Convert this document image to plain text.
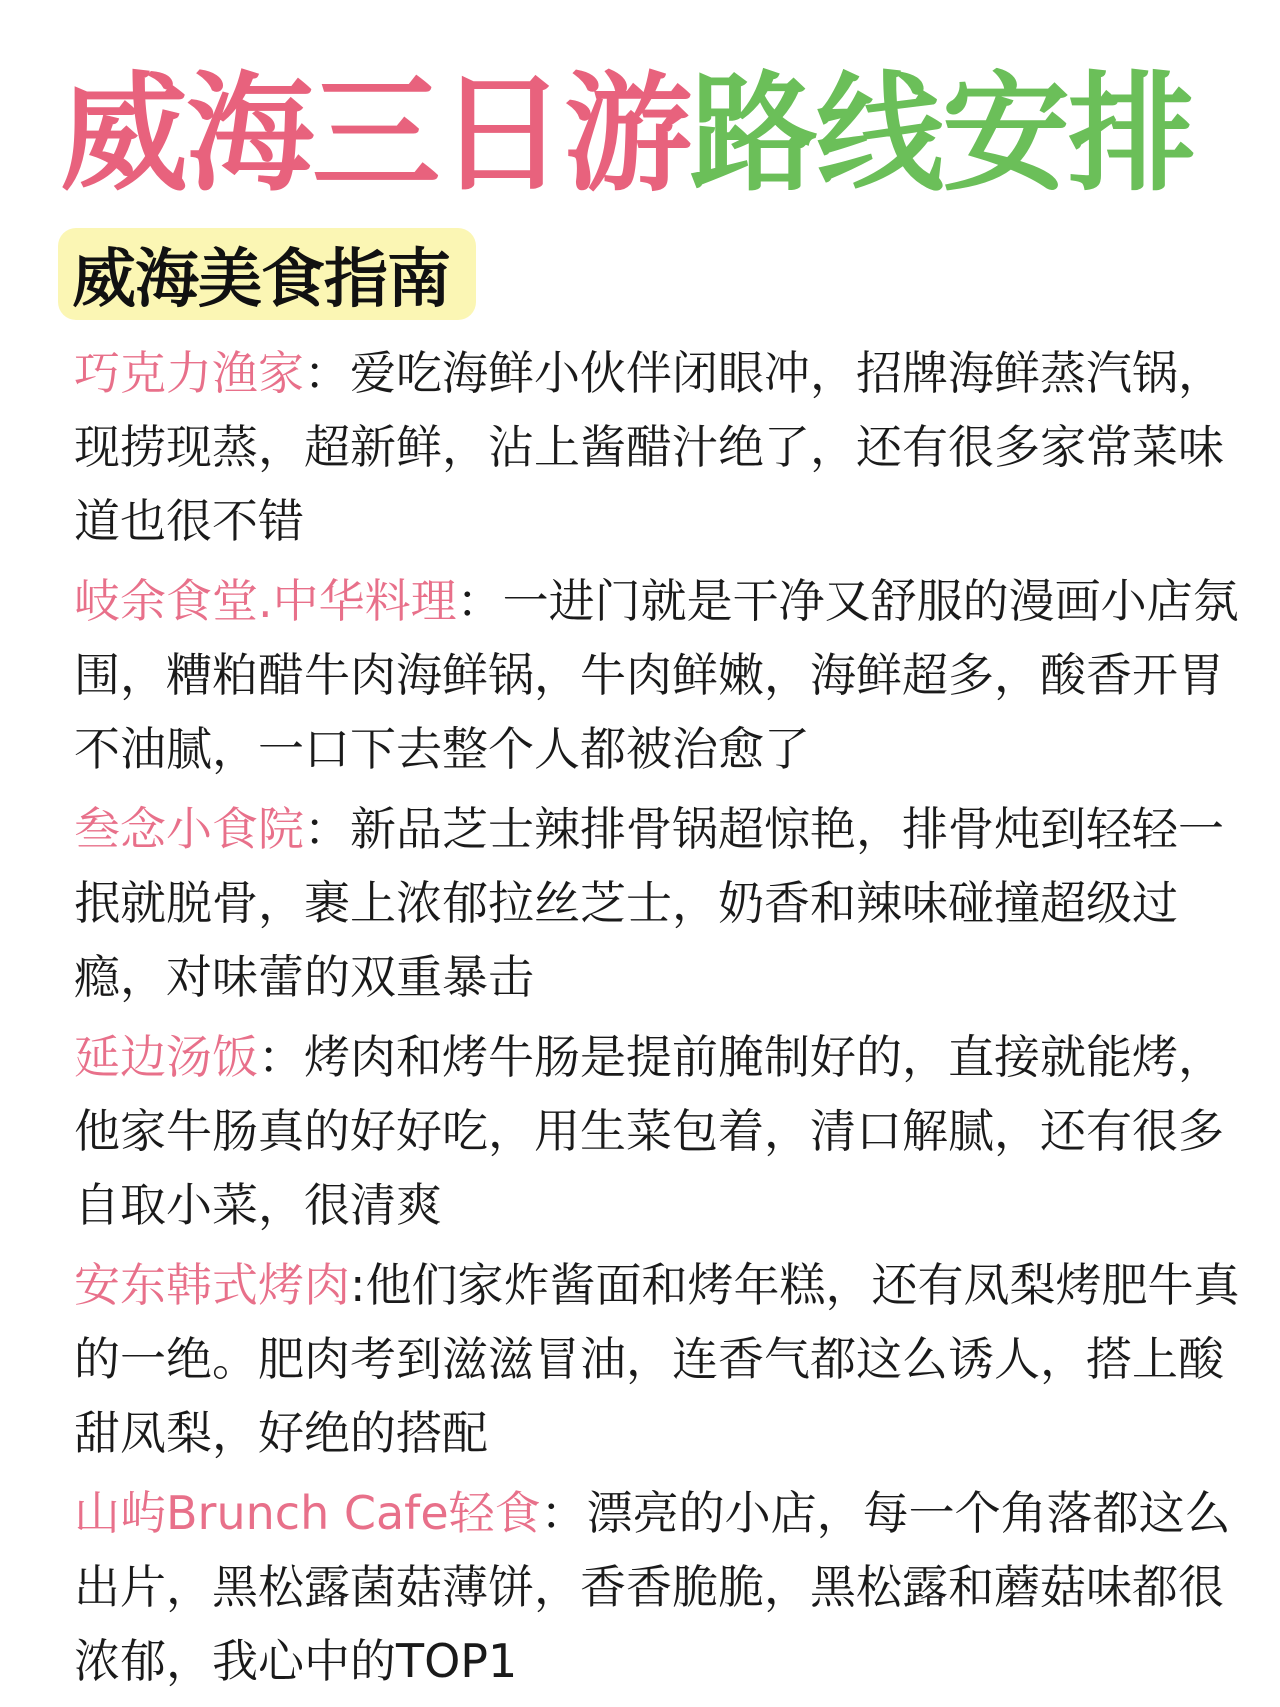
威海三日游路线安排
威海美食指南
巧克力渔家：爱吃海鲜小伙伴闭眼冲，招牌海鲜蒸汽锅，现捞现蒸，超新鲜，沾上酱醋汁绝了，还有很多家常菜味道也很不错
岐余食堂.中华料理：一进门就是干净又舒服的漫画小店氛围，糟粕醋牛肉海鲜锅，牛肉鲜嫩，海鲜超多，酸香开胃不油腻，一口下去整个人都被治愈了
叁念小食院：新品芝士辣排骨锅超惊艳，排骨炖到轻轻一抿就脱骨，裹上浓郁拉丝芝士，奶香和辣味碰撞超级过瘾，对味蕾的双重暴击
延边汤饭：烤肉和烤牛肠是提前腌制好的，直接就能烤，他家牛肠真的好好吃，用生菜包着，清口解腻，还有很多自取小菜，很清爽
安东韩式烤肉:他们家炸酱面和烤年糕，还有凤梨烤肥牛真的一绝。肥肉考到滋滋冒油，连香气都这么诱人，搭上酸甜凤梨，好绝的搭配
山屿Brunch Cafe轻食：漂亮的小店，每一个角落都这么出片，黑松露菌菇薄饼，香香脆脆，黑松露和蘑菇味都很浓郁，我心中的TOP1
